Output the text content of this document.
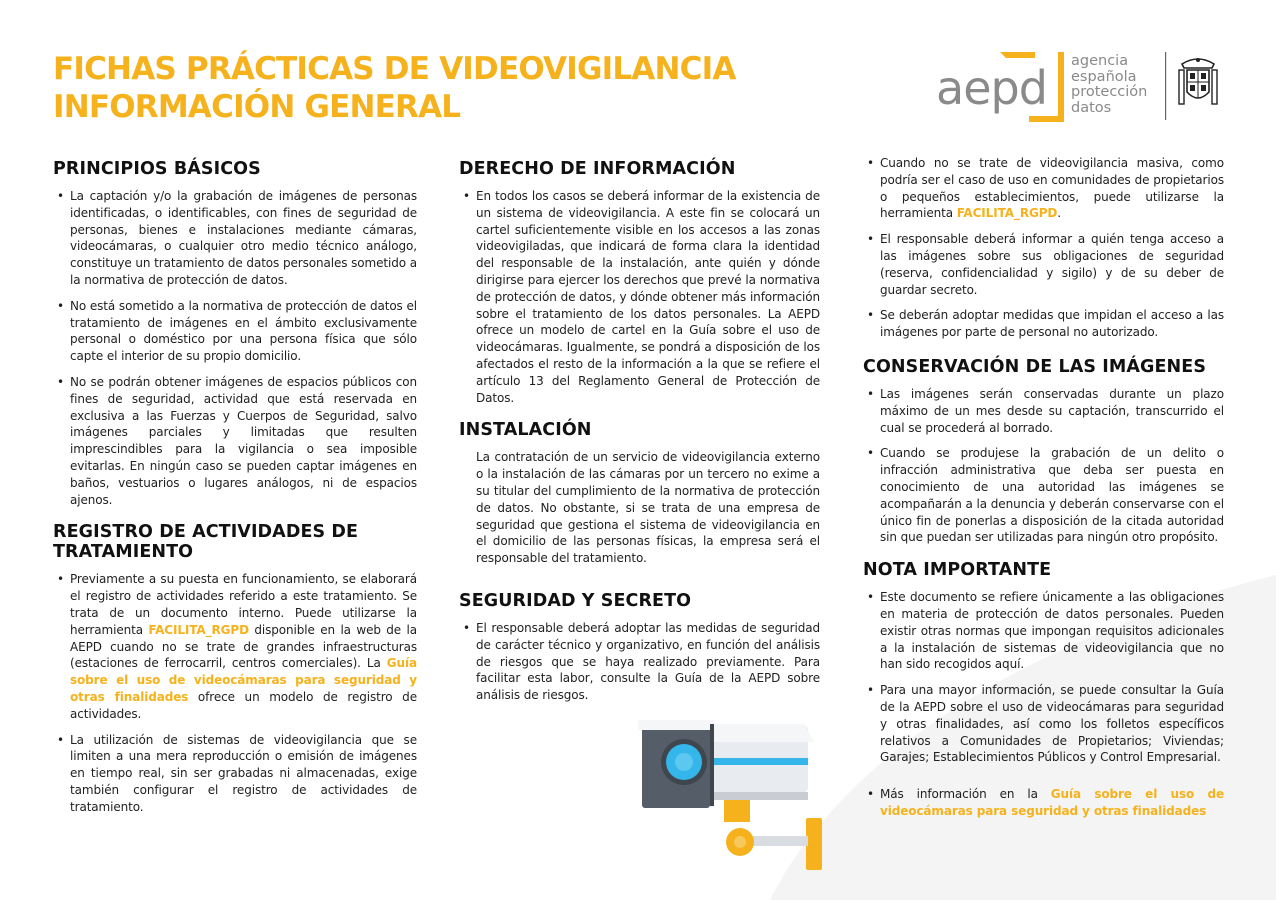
FICHAS PRÁCTICAS DE VIDEOVIGILANCIA
INFORMACIÓN GENERAL	aepd agencia
española
protección
datos
PRINCIPIOS BÁSICOS

• La captación y/o la grabación de imágenes de personas identificadas, o identificables, con fines de seguridad de personas, bienes e instalaciones mediante cámaras, videocámaras, o cualquier otro medio técnico análogo, constituye un tratamiento de datos personales sometido a la normativa de protección de datos.

• No está sometido a la normativa de protección de datos el tratamiento de imágenes en el ámbito exclusivamente personal o doméstico por una persona física que sólo capte el interior de su propio domicilio.

• No se podrán obtener imágenes de espacios públicos con fines de seguridad, actividad que está reservada en exclusiva a las Fuerzas y Cuerpos de Seguridad, salvo imágenes parciales y limitadas que resulten imprescindibles para la vigilancia o sea imposible evitarlas. En ningún caso se pueden captar imágenes en baños, vestuarios o lugares análogos, ni de espacios ajenos.

REGISTRO DE ACTIVIDADES DE TRATAMIENTO

• Previamente a su puesta en funcionamiento, se elaborará el registro de actividades referido a este tratamiento. Se trata de un documento interno. Puede utilizarse la herramienta FACILITA_RGPD disponible en la web de la AEPD cuando no se trate de grandes infraestructuras (estaciones de ferrocarril, centros comerciales). La Guía sobre el uso de videocámaras para seguridad y otras finalidades ofrece un modelo de registro de actividades.

• La utilización de sistemas de videovigilancia que se limiten a una mera reproducción o emisión de imágenes en tiempo real, sin ser grabadas ni almacenadas, exige también configurar el registro de actividades de tratamiento.

DERECHO DE INFORMACIÓN

• En todos los casos se deberá informar de la existencia de un sistema de videovigilancia. A este fin se colocará un cartel suficientemente visible en los accesos a las zonas videovigiladas, que indicará de forma clara la identidad del responsable de la instalación, ante quién y dónde dirigirse para ejercer los derechos que prevé la normativa de protección de datos, y dónde obtener más información sobre el tratamiento de los datos personales. La AEPD ofrece un modelo de cartel en la Guía sobre el uso de videocámaras. Igualmente, se pondrá a disposición de los afectados el resto de la información a la que se refiere el artículo 13 del Reglamento General de Protección de Datos.

INSTALACIÓN

La contratación de un servicio de videovigilancia externo o la instalación de las cámaras por un tercero no exime a su titular del cumplimiento de la normativa de protección de datos. No obstante, si se trata de una empresa de seguridad que gestiona el sistema de videovigilancia en el domicilio de las personas físicas, la empresa será el responsable del tratamiento.

SEGURIDAD Y SECRETO

• El responsable deberá adoptar las medidas de seguridad de carácter técnico y organizativo, en función del análisis de riesgos que se haya realizado previamente. Para facilitar esta labor, consulte la Guía de la AEPD sobre análisis de riesgos.

• Cuando no se trate de videovigilancia masiva, como podría ser el caso de uso en comunidades de propietarios o pequeños establecimientos, puede utilizarse la herramienta FACILITA_RGPD.

• El responsable deberá informar a quién tenga acceso a las imágenes sobre sus obligaciones de seguridad (reserva, confidencialidad y sigilo) y de su deber de guardar secreto.

• Se deberán adoptar medidas que impidan el acceso a las imágenes por parte de personal no autorizado.

CONSERVACIÓN DE LAS IMÁGENES

• Las imágenes serán conservadas durante un plazo máximo de un mes desde su captación, transcurrido el cual se procederá al borrado.

• Cuando se produjese la grabación de un delito o infracción administrativa que deba ser puesta en conocimiento de una autoridad las imágenes se acompañarán a la denuncia y deberán conservarse con el único fin de ponerlas a disposición de la citada autoridad sin que puedan ser utilizadas para ningún otro propósito.

NOTA IMPORTANTE

• Este documento se refiere únicamente a las obligaciones en materia de protección de datos personales. Pueden existir otras normas que impongan requisitos adicionales a la instalación de sistemas de videovigilancia que no han sido recogidos aquí.

• Para una mayor información, se puede consultar la Guía de la AEPD sobre el uso de videocámaras para seguridad y otras finalidades, así como los folletos específicos relativos a Comunidades de Propietarios; Viviendas; Garajes; Establecimientos Públicos y Control Empresarial.

• Más información en la Guía sobre el uso de videocámaras para seguridad y otras finalidades
